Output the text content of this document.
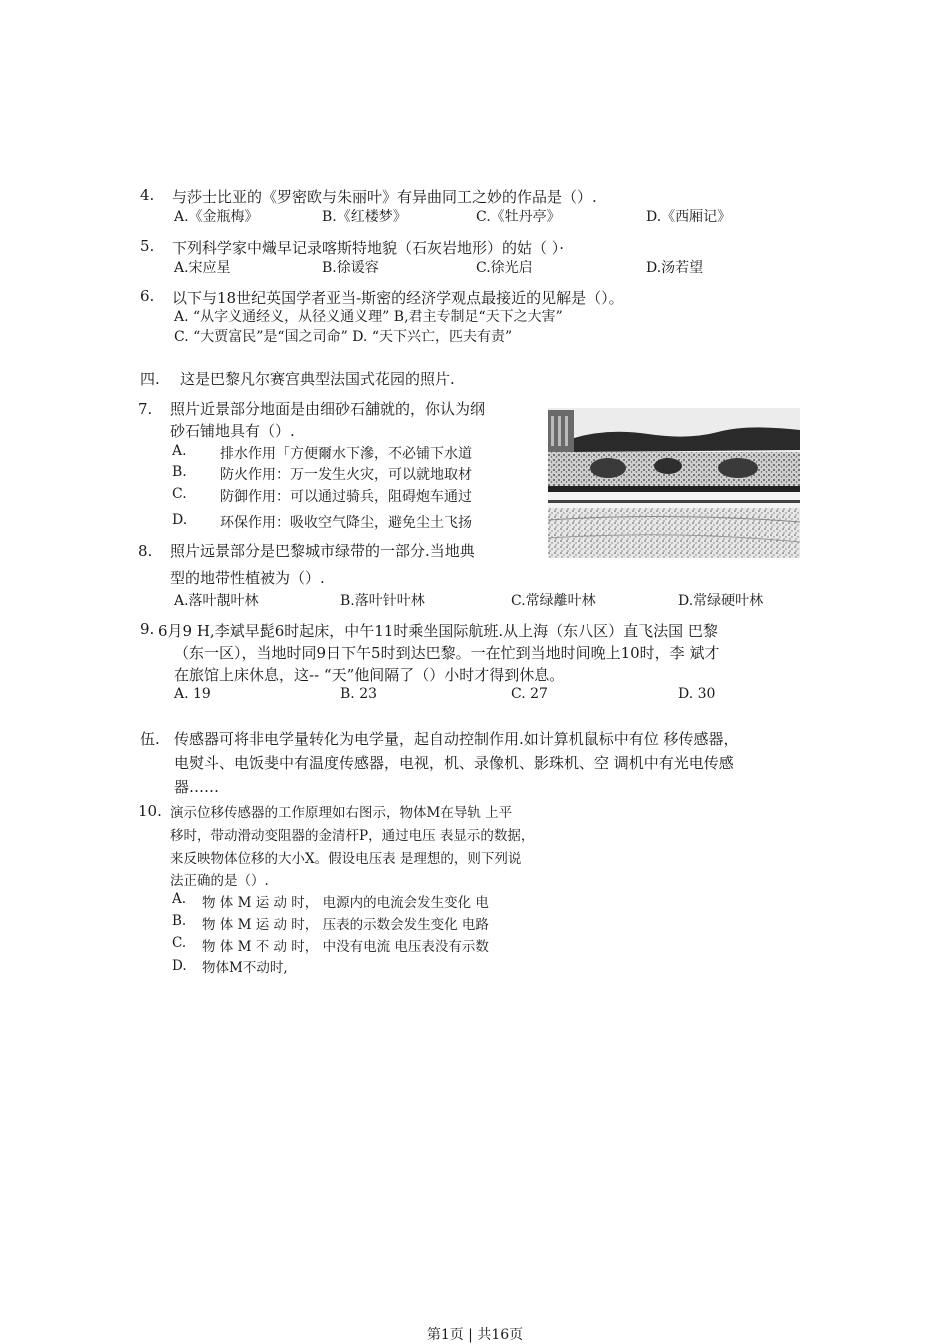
4. 与莎士比亚的《罗密欧与朱丽叶》有异曲同工之妙的作品是（）.
A.《金瓶梅》	B.《红楼梦》	C.《牡丹亭》	D.《西厢记》
5. 下列科学家中熾早记录喀斯特地貌（石灰岩地形）的姑（ ）·
A.宋应星	B.徐谖容	C.徐光启	D.汤若望
6. 以下与18世纪英国学者亚当-斯密的经济学观点最接近的见解是（）。
A. “从字义通经义，从径义通义理” B,君主专制足“天下之大害”
C. “大贾富民”是“国之司命” D. “天下兴亡，匹夫有责”
四. 这是巴黎凡尔赛宫典型法国式花园的照片.
7. 照片近景部分地面是由细砂石舖就的，你认为纲
砂石铺地具有（）.
A. 排水作用「方便爾水下滲，不必铺下水道
B. 防火作用：万一发生火灾，可以就地取材
C. 防御作用：可以通过骑兵，阻碍炮车通过
D. 环保作用：吸收空气降尘，避免尘土飞扬
8. 照片远景部分是巴黎城市绿带的一部分.当地典
型的地带性植被为（）.
A.落叶靚叶林	B.落叶针叶林	C.常绿離叶林	D.常绿硬叶林
9. 6月9 H,李斌早髭6时起床，中午11时乘坐国际航班.从上海（东八区）直飞法国 巴黎
（东一区），当地时同9日下午5时到达巴黎。一在忙到当地时间晚上10时，李 斌才
在旅馆上床休息，这-- “天”他间隔了（）小时才得到休息。
A. 19	B. 23	C. 27	D. 30
伍. 传感器可将非电学量转化为电学量，起自动控制作用.如计算机鼠标中有位 移传感器，
电熨斗、电饭斐中有温度传感器，电视，机、录像机、影珠机、空 调机中有光电传感
器……
10. 演示位移传感器的工作原理如右图示，物体M在导轨 上平
移时，带动滑动变阻器的金清杆P，通过电压 表显示的数据，
来反映物体位移的大小X。假设电压表 是理想的，则下列说
法正确的是（）.
A. 物 体 M 运 动 时， 电源内的电流会发生变化 电
B. 物 体 M 运 动 时， 压表的示数会发生变化 电路
C. 物 体 M 不 动 时， 中没有电流 电压表没有示数
D. 物体M不动时,
第1页 | 共16页
